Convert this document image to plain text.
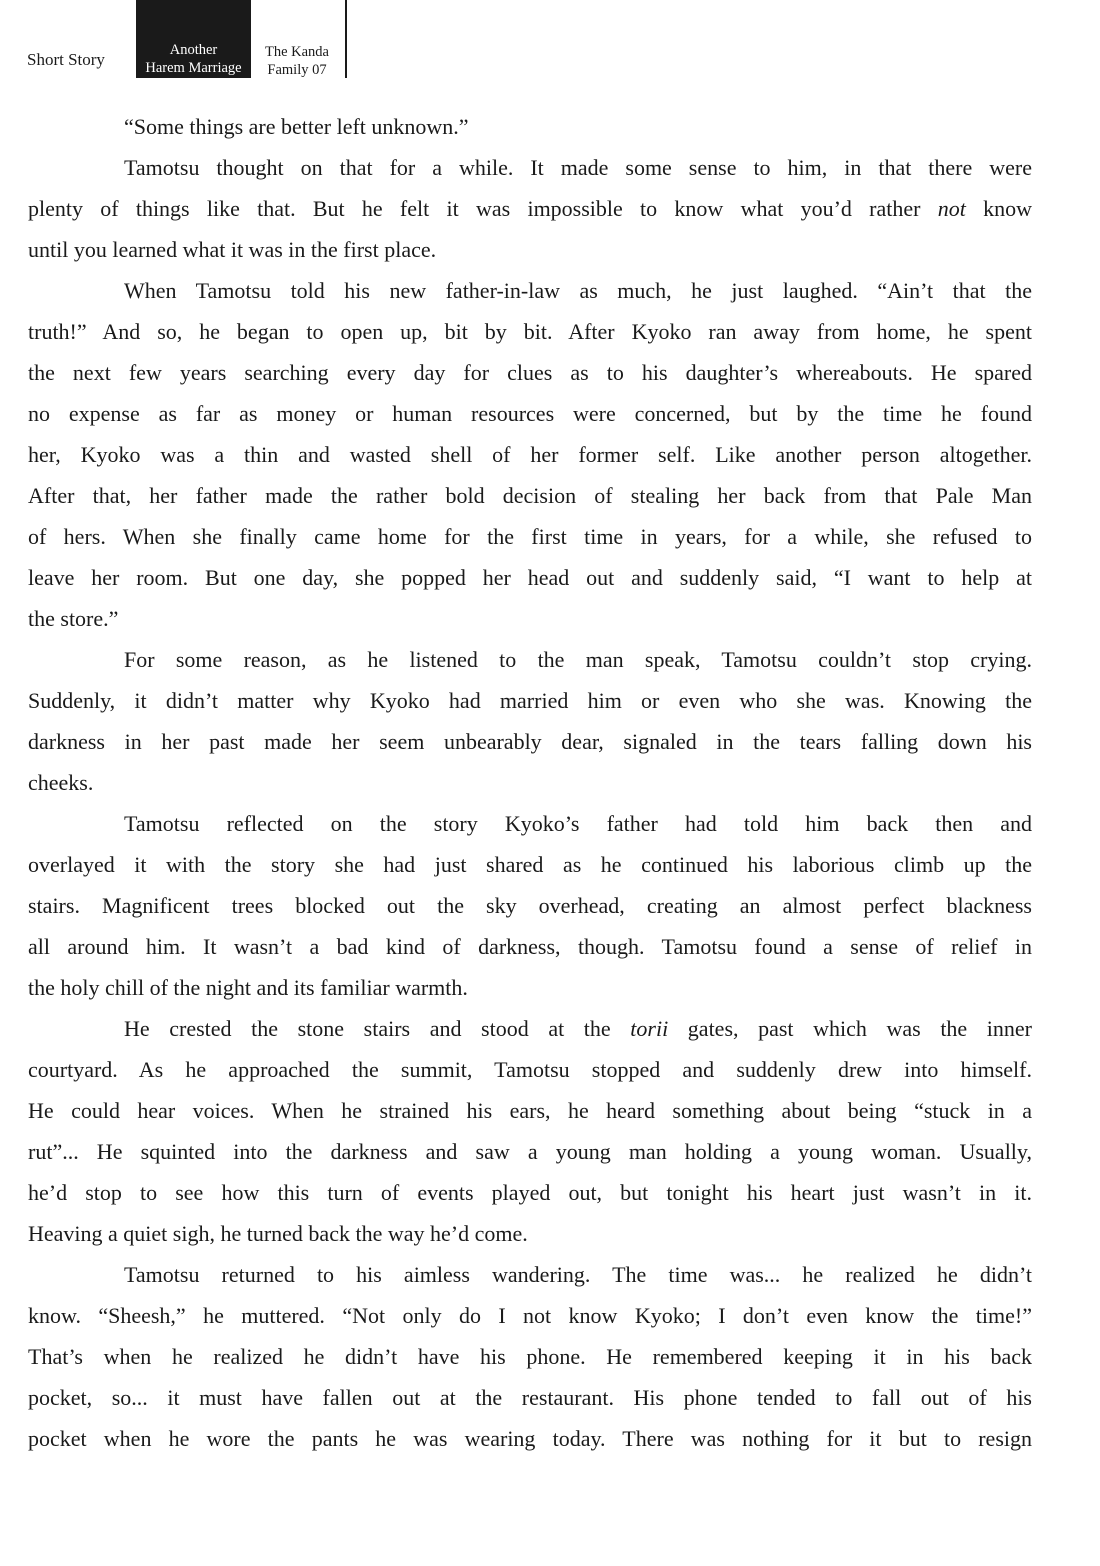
Short Story	Another
Harem Marriage
The Kanda
Family 07
“Some things are better left unknown.”
Tamotsu thought on that for a while. It made some sense to him, in that there were
plenty of things like that. But he felt it was impossible to know what you’d rather not know
until you learned what it was in the first place.
When Tamotsu told his new father-in-law as much, he just laughed. “Ain’t that the
truth!” And so, he began to open up, bit by bit. After Kyoko ran away from home, he spent
the next few years searching every day for clues as to his daughter’s whereabouts. He spared
no expense as far as money or human resources were concerned, but by the time he found
her, Kyoko was a thin and wasted shell of her former self. Like another person altogether.
After that, her father made the rather bold decision of stealing her back from that Pale Man
of hers. When she finally came home for the first time in years, for a while, she refused to
leave her room. But one day, she popped her head out and suddenly said, “I want to help at
the store.”
For some reason, as he listened to the man speak, Tamotsu couldn’t stop crying.
Suddenly, it didn’t matter why Kyoko had married him or even who she was. Knowing the
darkness in her past made her seem unbearably dear, signaled in the tears falling down his
cheeks.
Tamotsu reflected on the story Kyoko’s father had told him back then and
overlayed it with the story she had just shared as he continued his laborious climb up the
stairs. Magnificent trees blocked out the sky overhead, creating an almost perfect blackness
all around him. It wasn’t a bad kind of darkness, though. Tamotsu found a sense of relief in
the holy chill of the night and its familiar warmth.
He crested the stone stairs and stood at the torii gates, past which was the inner
courtyard. As he approached the summit, Tamotsu stopped and suddenly drew into himself.
He could hear voices. When he strained his ears, he heard something about being “stuck in a
rut”... He squinted into the darkness and saw a young man holding a young woman. Usually,
he’d stop to see how this turn of events played out, but tonight his heart just wasn’t in it.
Heaving a quiet sigh, he turned back the way he’d come.
Tamotsu returned to his aimless wandering. The time was... he realized he didn’t
know. “Sheesh,” he muttered. “Not only do I not know Kyoko; I don’t even know the time!”
That’s when he realized he didn’t have his phone. He remembered keeping it in his back
pocket, so... it must have fallen out at the restaurant. His phone tended to fall out of his
pocket when he wore the pants he was wearing today. There was nothing for it but to resign
